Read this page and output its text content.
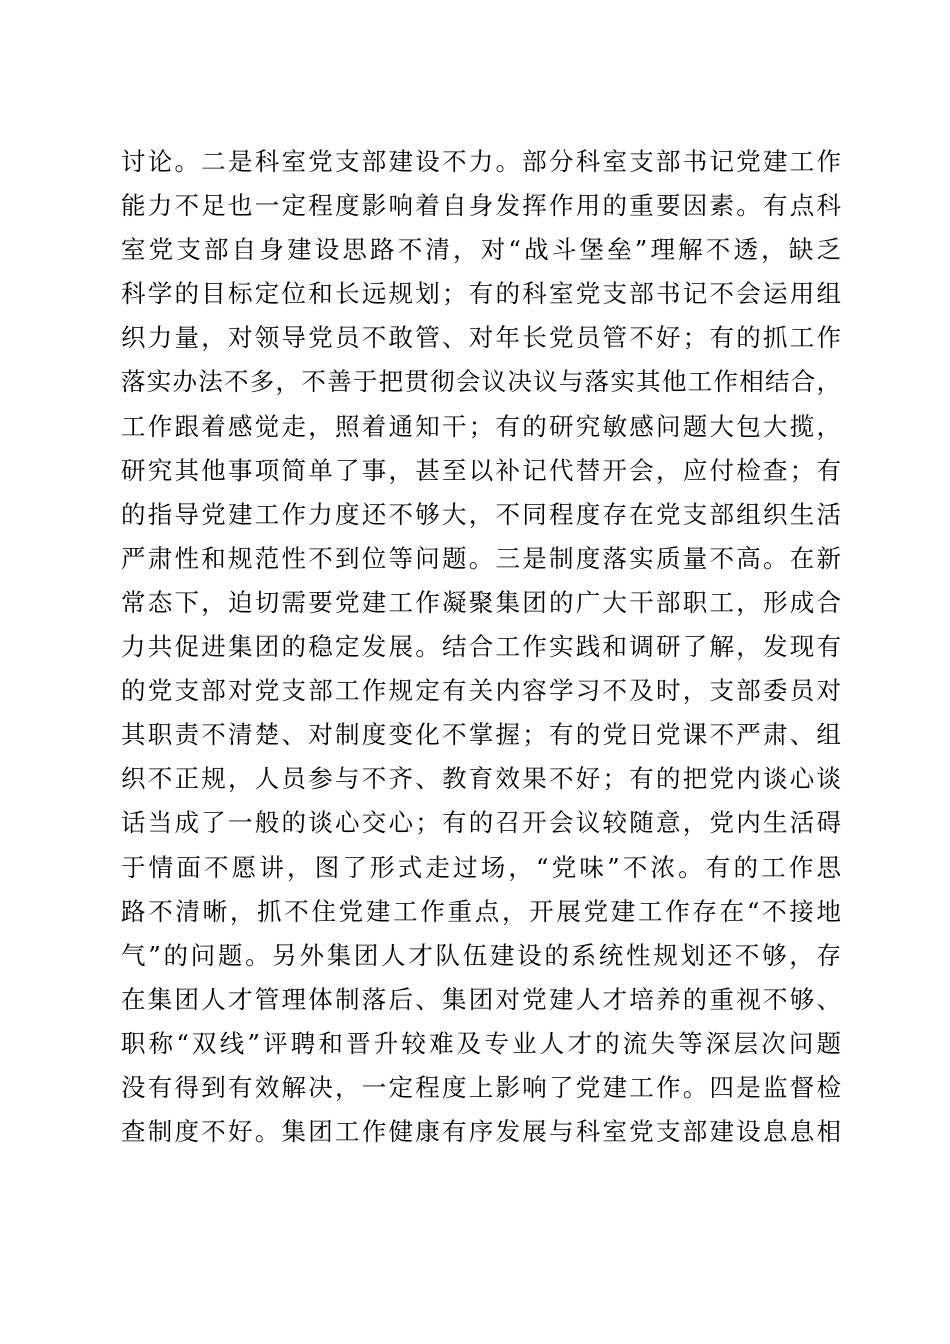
讨论。二是科室党支部建设不力。部分科室支部书记党建工作
能力不足也一定程度影响着自身发挥作用的重要因素。有点科
室党支部自身建设思路不清，对“战斗堡垒”理解不透，缺乏
科学的目标定位和长远规划；有的科室党支部书记不会运用组
织力量，对领导党员不敢管、对年长党员管不好；有的抓工作
落实办法不多，不善于把贯彻会议决议与落实其他工作相结合，
工作跟着感觉走，照着通知干；有的研究敏感问题大包大揽，
研究其他事项简单了事，甚至以补记代替开会，应付检查；有
的指导党建工作力度还不够大，不同程度存在党支部组织生活
严肃性和规范性不到位等问题。三是制度落实质量不高。在新
常态下，迫切需要党建工作凝聚集团的广大干部职工，形成合
力共促进集团的稳定发展。结合工作实践和调研了解，发现有
的党支部对党支部工作规定有关内容学习不及时，支部委员对
其职责不清楚、对制度变化不掌握；有的党日党课不严肃、组
织不正规，人员参与不齐、教育效果不好；有的把党内谈心谈
话当成了一般的谈心交心；有的召开会议较随意，党内生活碍
于情面不愿讲，图了形式走过场，“党味”不浓。有的工作思
路不清晰，抓不住党建工作重点，开展党建工作存在“不接地
气”的问题。另外集团人才队伍建设的系统性规划还不够，存
在集团人才管理体制落后、集团对党建人才培养的重视不够、
职称“双线”评聘和晋升较难及专业人才的流失等深层次问题
没有得到有效解决，一定程度上影响了党建工作。四是监督检
查制度不好。集团工作健康有序发展与科室党支部建设息息相
